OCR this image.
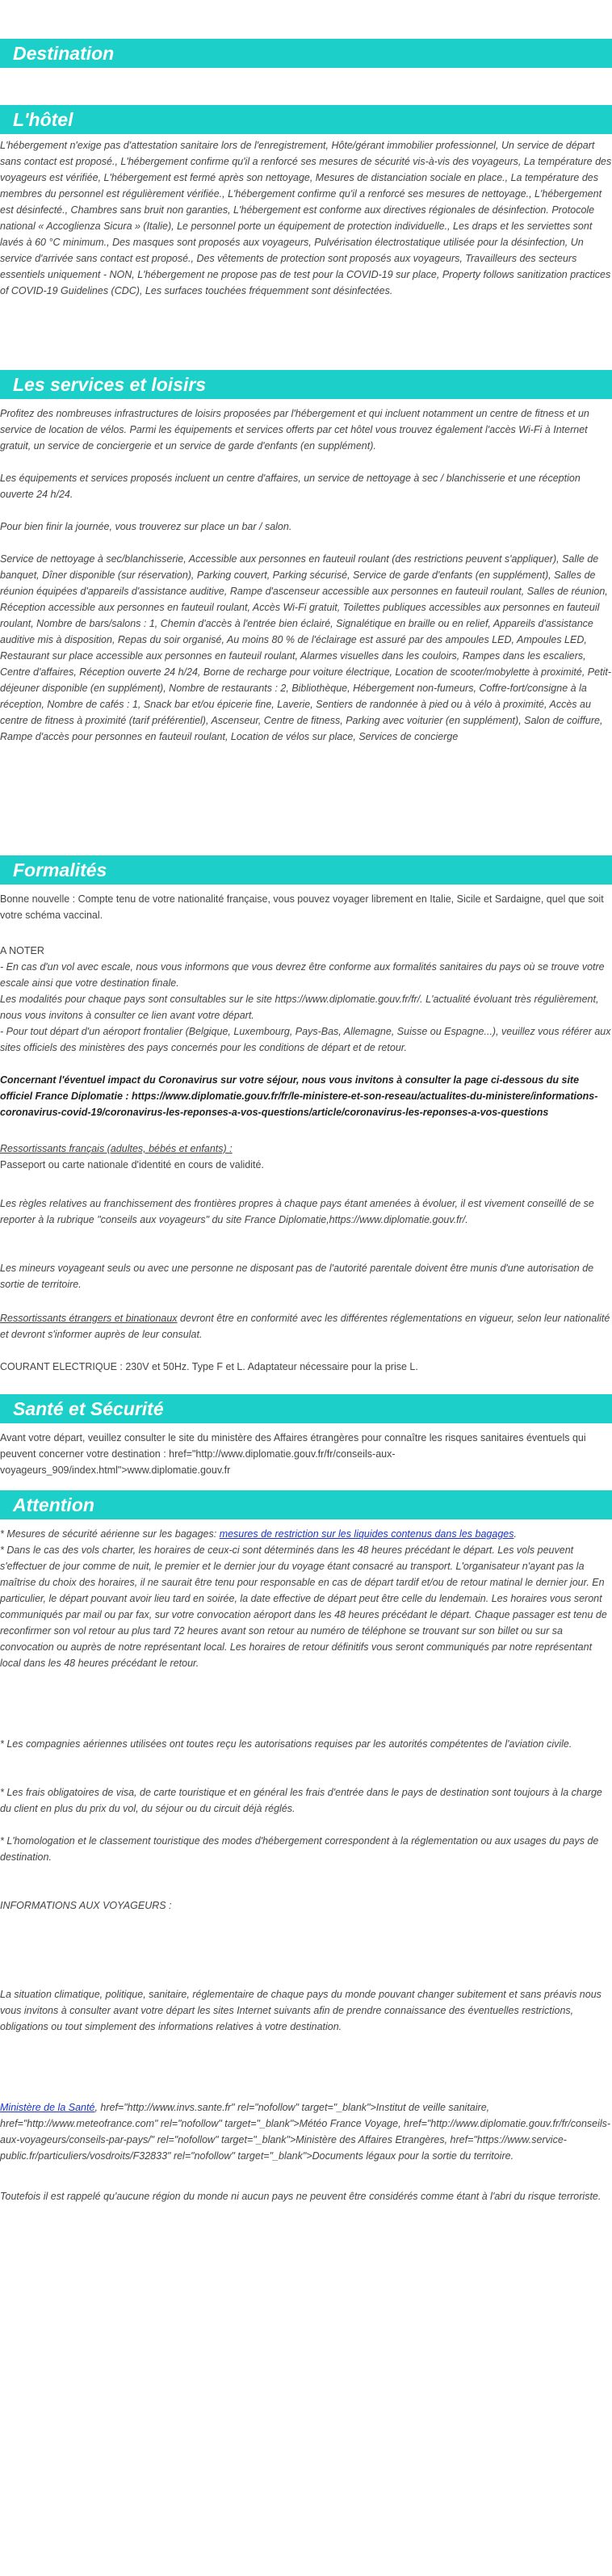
Destination
L'hôtel

L'hébergement n'exige pas d'attestation sanitaire lors de l'enregistrement, Hôte/gérant immobilier professionnel, Un service de départ sans contact est proposé., L'hébergement confirme qu'il a renforcé ses mesures de sécurité vis-à-vis des voyageurs, La température des voyageurs est vérifiée, L'hébergement est fermé après son nettoyage, Mesures de distanciation sociale en place., La température des membres du personnel est régulièrement vérifiée., L'hébergement confirme qu'il a renforcé ses mesures de nettoyage., L'hébergement est désinfecté., Chambres sans bruit non garanties, L'hébergement est conforme aux directives régionales de désinfection. Protocole national « Accoglienza Sicura » (Italie), Le personnel porte un équipement de protection individuelle., Les draps et les serviettes sont lavés à 60 °C minimum., Des masques sont proposés aux voyageurs, Pulvérisation électrostatique utilisée pour la désinfection, Un service d'arrivée sans contact est proposé., Des vêtements de protection sont proposés aux voyageurs, Travailleurs des secteurs essentiels uniquement - NON, L'hébergement ne propose pas de test pour la COVID-19 sur place, Property follows sanitization practices of COVID-19 Guidelines (CDC), Les surfaces touchées fréquemment sont désinfectées.

Les services et loisirs

Profitez des nombreuses infrastructures de loisirs proposées par l'hébergement et qui incluent notamment un centre de fitness et un service de location de vélos. Parmi les équipements et services offerts par cet hôtel vous trouvez également l'accès Wi-Fi à Internet gratuit, un service de conciergerie et un service de garde d'enfants (en supplément).

Les équipements et services proposés incluent un centre d'affaires, un service de nettoyage à sec / blanchisserie et une réception ouverte 24 h/24.

Pour bien finir la journée, vous trouverez sur place un bar / salon.

Service de nettoyage à sec/blanchisserie, Accessible aux personnes en fauteuil roulant (des restrictions peuvent s'appliquer), Salle de banquet, Dîner disponible (sur réservation), Parking couvert, Parking sécurisé, Service de garde d'enfants (en supplément), Salles de réunion équipées d'appareils d'assistance auditive, Rampe d'ascenseur accessible aux personnes en fauteuil roulant, Salles de réunion, Réception accessible aux personnes en fauteuil roulant, Accès Wi-Fi gratuit, Toilettes publiques accessibles aux personnes en fauteuil roulant, Nombre de bars/salons : 1, Chemin d'accès à l'entrée bien éclairé, Signalétique en braille ou en relief, Appareils d'assistance auditive mis à disposition, Repas du soir organisé, Au moins 80 % de l'éclairage est assuré par des ampoules LED, Ampoules LED, Restaurant sur place accessible aux personnes en fauteuil roulant, Alarmes visuelles dans les couloirs, Rampes dans les escaliers, Centre d'affaires, Réception ouverte 24 h/24, Borne de recharge pour voiture électrique, Location de scooter/mobylette à proximité, Petit-déjeuner disponible (en supplément), Nombre de restaurants : 2, Bibliothèque, Hébergement non-fumeurs, Coffre-fort/consigne à la réception, Nombre de cafés : 1, Snack bar et/ou épicerie fine, Laverie, Sentiers de randonnée à pied ou à vélo à proximité, Accès au centre de fitness à proximité (tarif préférentiel), Ascenseur, Centre de fitness, Parking avec voiturier (en supplément), Salon de coiffure, Rampe d'accès pour personnes en fauteuil roulant, Location de vélos sur place, Services de concierge

Formalités

Bonne nouvelle : Compte tenu de votre nationalité française, vous pouvez voyager librement en Italie, Sicile et Sardaigne, quel que soit votre schéma vaccinal.

A NOTER

- En cas d'un vol avec escale, nous vous informons que vous devrez être conforme aux formalités sanitaires du pays où se trouve votre escale ainsi que votre destination finale.

Les modalités pour chaque pays sont consultables sur le site https://www.diplomatie.gouv.fr/fr/. L'actualité évoluant très régulièrement, nous vous invitons à consulter ce lien avant votre départ.

- Pour tout départ d'un aéroport frontalier (Belgique, Luxembourg, Pays-Bas, Allemagne, Suisse ou Espagne...), veuillez vous référer aux sites officiels des ministères des pays concernés pour les conditions de départ et de retour.

Concernant l'éventuel impact du Coronavirus sur votre séjour, nous vous invitons à consulter la page ci-dessous du site officiel France Diplomatie : https://www.diplomatie.gouv.fr/fr/le-ministere-et-son-reseau/actualites-du-ministere/informations-coronavirus-covid-19/coronavirus-les-reponses-a-vos-questions/article/coronavirus-les-reponses-a-vos-questions

Ressortissants français (adultes, bébés et enfants) :

Passeport ou carte nationale d'identité en cours de validité.

Les règles relatives au franchissement des frontières propres à chaque pays étant amenées à évoluer, il est vivement conseillé de se reporter à la rubrique "conseils aux voyageurs" du site France Diplomatie,https://www.diplomatie.gouv.fr/.

Les mineurs voyageant seuls ou avec une personne ne disposant pas de l'autorité parentale doivent être munis d'une autorisation de sortie de territoire.

Ressortissants étrangers et binationaux devront être en conformité avec les différentes réglementations en vigueur, selon leur nationalité et devront s'informer auprès de leur consulat.

COURANT ELECTRIQUE : 230V et 50Hz. Type F et L. Adaptateur nécessaire pour la prise L.

Santé et Sécurité

Avant votre départ, veuillez consulter le site du ministère des Affaires étrangères pour connaître les risques sanitaires éventuels qui peuvent concerner votre destination : href="http://www.diplomatie.gouv.fr/fr/conseils-aux-voyageurs_909/index.html">www.diplomatie.gouv.fr

Attention

* Mesures de sécurité aérienne sur les bagages: mesures de restriction sur les liquides contenus dans les bagages.

* Dans le cas des vols charter, les horaires de ceux-ci sont déterminés dans les 48 heures précédant le départ. Les vols peuvent s'effectuer de jour comme de nuit, le premier et le dernier jour du voyage étant consacré au transport. L'organisateur n'ayant pas la maîtrise du choix des horaires, il ne saurait être tenu pour responsable en cas de départ tardif et/ou de retour matinal le dernier jour. En particulier, le départ pouvant avoir lieu tard en soirée, la date effective de départ peut être celle du lendemain. Les horaires vous seront communiqués par mail ou par fax, sur votre convocation aéroport dans les 48 heures précédant le départ. Chaque passager est tenu de reconfirmer son vol retour au plus tard 72 heures avant son retour au numéro de téléphone se trouvant sur son billet ou sur sa convocation ou auprès de notre représentant local. Les horaires de retour définitifs vous seront communiqués par notre représentant local dans les 48 heures précédant le retour.

* Les compagnies aériennes utilisées ont toutes reçu les autorisations requises par les autorités compétentes de l'aviation civile.

* Les frais obligatoires de visa, de carte touristique et en général les frais d'entrée dans le pays de destination sont toujours à la charge du client en plus du prix du vol, du séjour ou du circuit déjà réglés.

* L'homologation et le classement touristique des modes d'hébergement correspondent à la réglementation ou aux usages du pays de destination.

INFORMATIONS AUX VOYAGEURS :

La situation climatique, politique, sanitaire, réglementaire de chaque pays du monde pouvant changer subitement et sans préavis nous vous invitons à consulter avant votre départ les sites Internet suivants afin de prendre connaissance des éventuelles restrictions, obligations ou tout simplement des informations relatives à votre destination.

Ministère de la Santé, href="http://www.invs.sante.fr" rel="nofollow" target="_blank">Institut de veille sanitaire, href="http://www.meteofrance.com" rel="nofollow" target="_blank">Météo France Voyage, href="http://www.diplomatie.gouv.fr/fr/conseils-aux-voyageurs/conseils-par-pays/" rel="nofollow" target="_blank">Ministère des Affaires Etrangères, href="https://www.service-public.fr/particuliers/vosdroits/F32833" rel="nofollow" target="_blank">Documents légaux pour la sortie du territoire.

Toutefois il est rappelé qu'aucune région du monde ni aucun pays ne peuvent être considérés comme étant à l'abri du risque terroriste.
